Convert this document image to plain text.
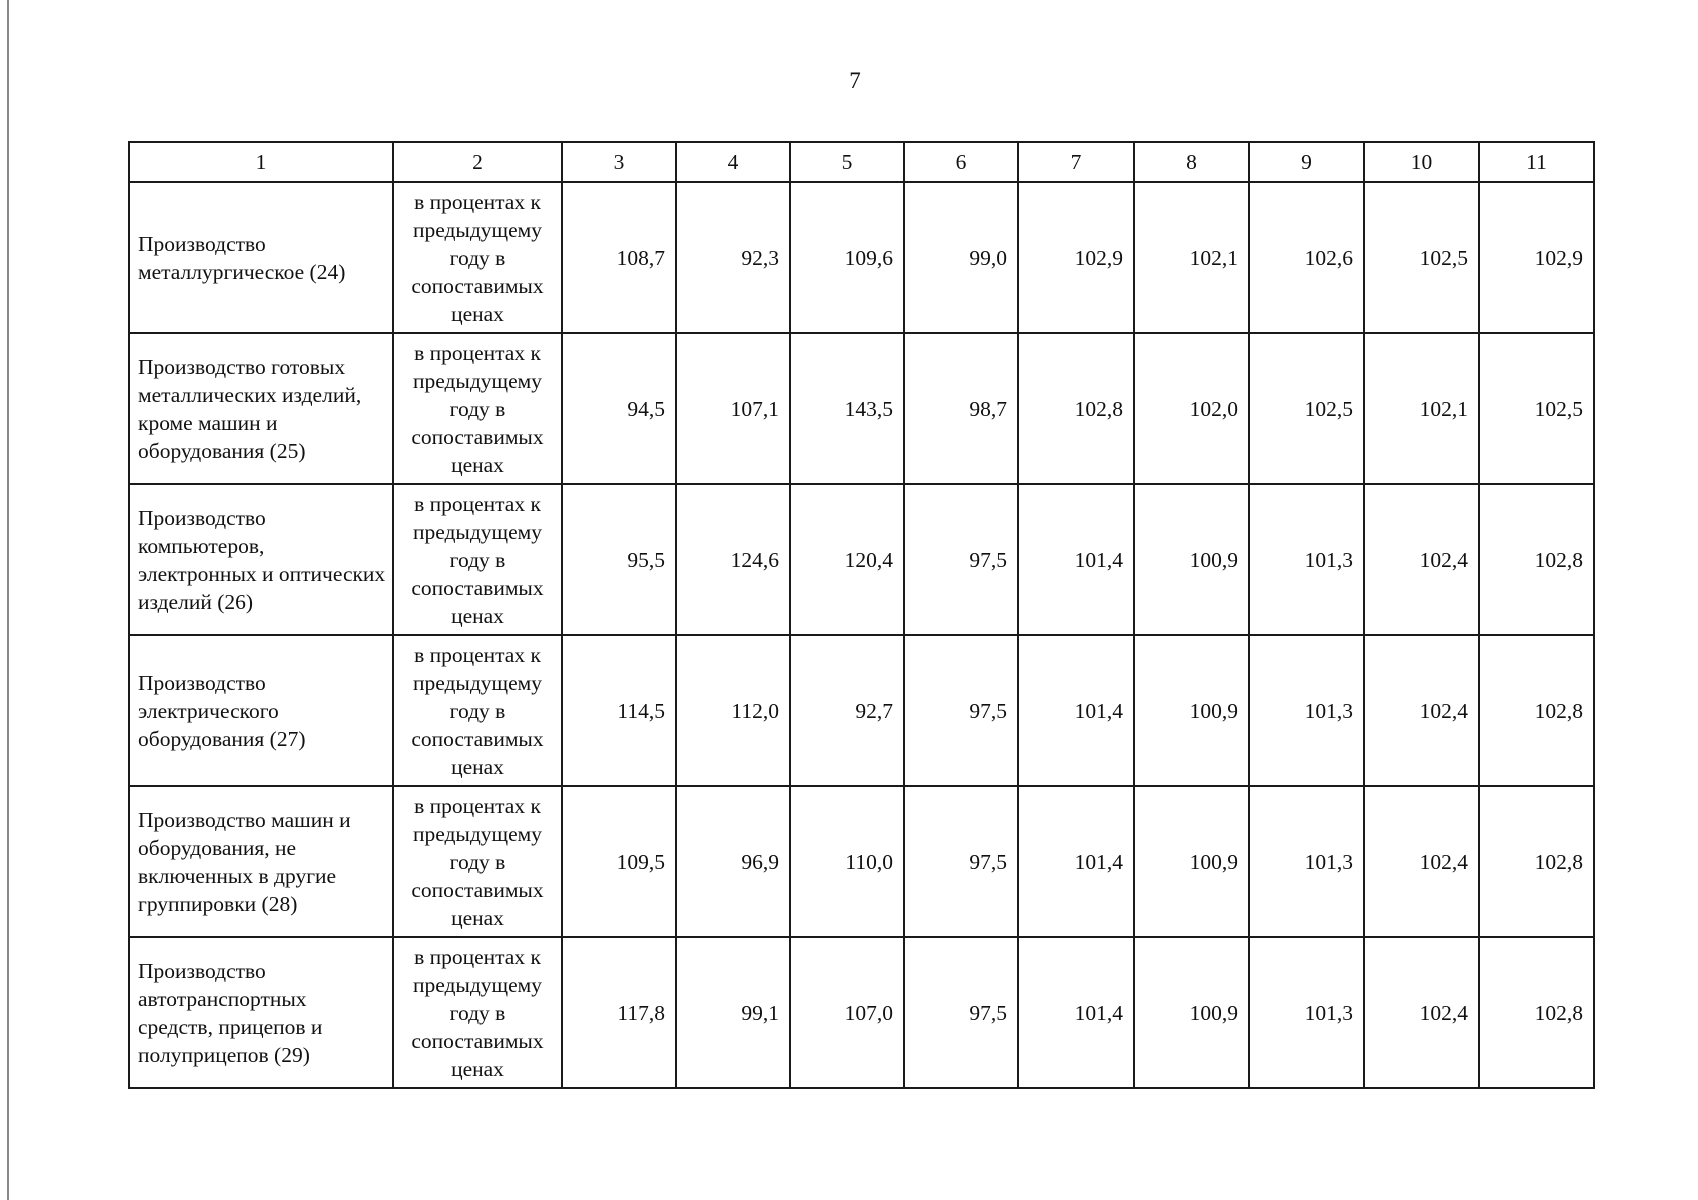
7
1	2	3	4	5	6	7	8	9	10	11
Производство металлургическое (24)	в процентах к предыдущему году в сопоставимых ценах	108,7	92,3	109,6	99,0	102,9	102,1	102,6	102,5	102,9
Производство готовых металлических изделий, кроме машин и оборудования (25)	в процентах к предыдущему году в сопоставимых ценах	94,5	107,1	143,5	98,7	102,8	102,0	102,5	102,1	102,5
Производство компьютеров, электронных и оптических изделий (26)	в процентах к предыдущему году в сопоставимых ценах	95,5	124,6	120,4	97,5	101,4	100,9	101,3	102,4	102,8
Производство электрического оборудования (27)	в процентах к предыдущему году в сопоставимых ценах	114,5	112,0	92,7	97,5	101,4	100,9	101,3	102,4	102,8
Производство машин и оборудования, не включенных в другие группировки (28)	в процентах к предыдущему году в сопоставимых ценах	109,5	96,9	110,0	97,5	101,4	100,9	101,3	102,4	102,8
Производство автотранспортных средств, прицепов и полуприцепов (29)	в процентах к предыдущему году в сопоставимых ценах	117,8	99,1	107,0	97,5	101,4	100,9	101,3	102,4	102,8
